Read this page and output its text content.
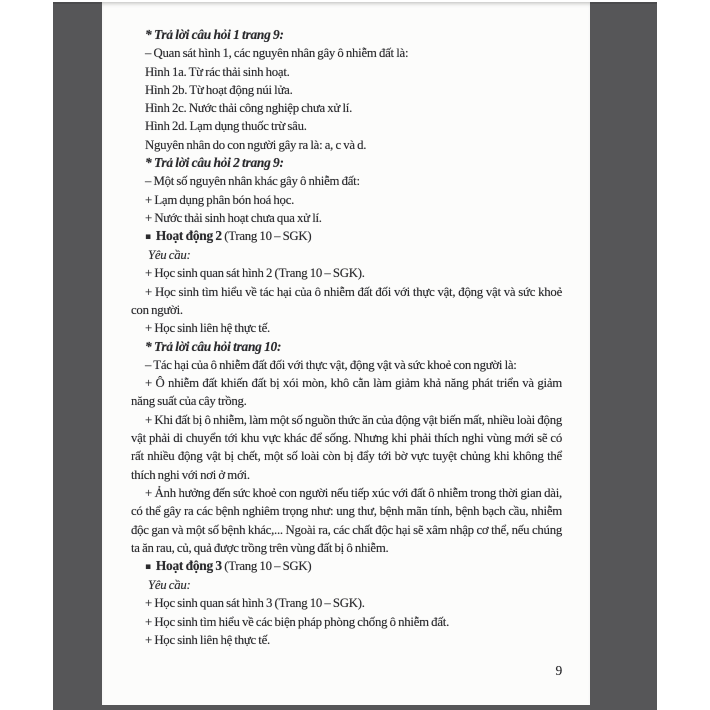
* Trả lời câu hỏi 1 trang 9:

– Quan sát hình 1, các nguyên nhân gây ô nhiễm đất là:

Hình 1a. Từ rác thải sinh hoạt.

Hình 2b. Từ hoạt động núi lửa.

Hình 2c. Nước thải công nghiệp chưa xử lí.

Hình 2d. Lạm dụng thuốc trừ sâu.

Nguyên nhân do con người gây ra là: a, c và d.

* Trả lời câu hỏi 2 trang 9:

– Một số nguyên nhân khác gây ô nhiễm đất:

+ Lạm dụng phân bón hoá học.

+ Nước thải sinh hoạt chưa qua xử lí.

▪ Hoạt động 2 (Trang 10 – SGK)

Yêu cầu:

+ Học sinh quan sát hình 2 (Trang 10 – SGK).

+ Học sinh tìm hiểu về tác hại của ô nhiễm đất đối với thực vật, động vật và sức khoẻ con người.

+ Học sinh liên hệ thực tế.

* Trả lời câu hỏi trang 10:

– Tác hại của ô nhiễm đất đối với thực vật, động vật và sức khoẻ con người là:

+ Ô nhiễm đất khiến đất bị xói mòn, khô cằn làm giảm khả năng phát triển và giảm năng suất của cây trồng.

+ Khi đất bị ô nhiễm, làm một số nguồn thức ăn của động vật biến mất, nhiều loài động vật phải di chuyển tới khu vực khác để sống. Nhưng khi phải thích nghi vùng mới sẽ có rất nhiều động vật bị chết, một số loài còn bị đẩy tới bờ vực tuyệt chủng khi không thể thích nghi với nơi ở mới.

+ Ảnh hưởng đến sức khoẻ con người nếu tiếp xúc với đất ô nhiễm trong thời gian dài, có thể gây ra các bệnh nghiêm trọng như: ung thư, bệnh mãn tính, bệnh bạch cầu, nhiễm độc gan và một số bệnh khác,... Ngoài ra, các chất độc hại sẽ xâm nhập cơ thể, nếu chúng ta ăn rau, củ, quả được trồng trên vùng đất bị ô nhiễm.

▪ Hoạt động 3 (Trang 10 – SGK)

Yêu cầu:

+ Học sinh quan sát hình 3 (Trang 10 – SGK).

+ Học sinh tìm hiểu về các biện pháp phòng chống ô nhiễm đất.

+ Học sinh liên hệ thực tế.

9
